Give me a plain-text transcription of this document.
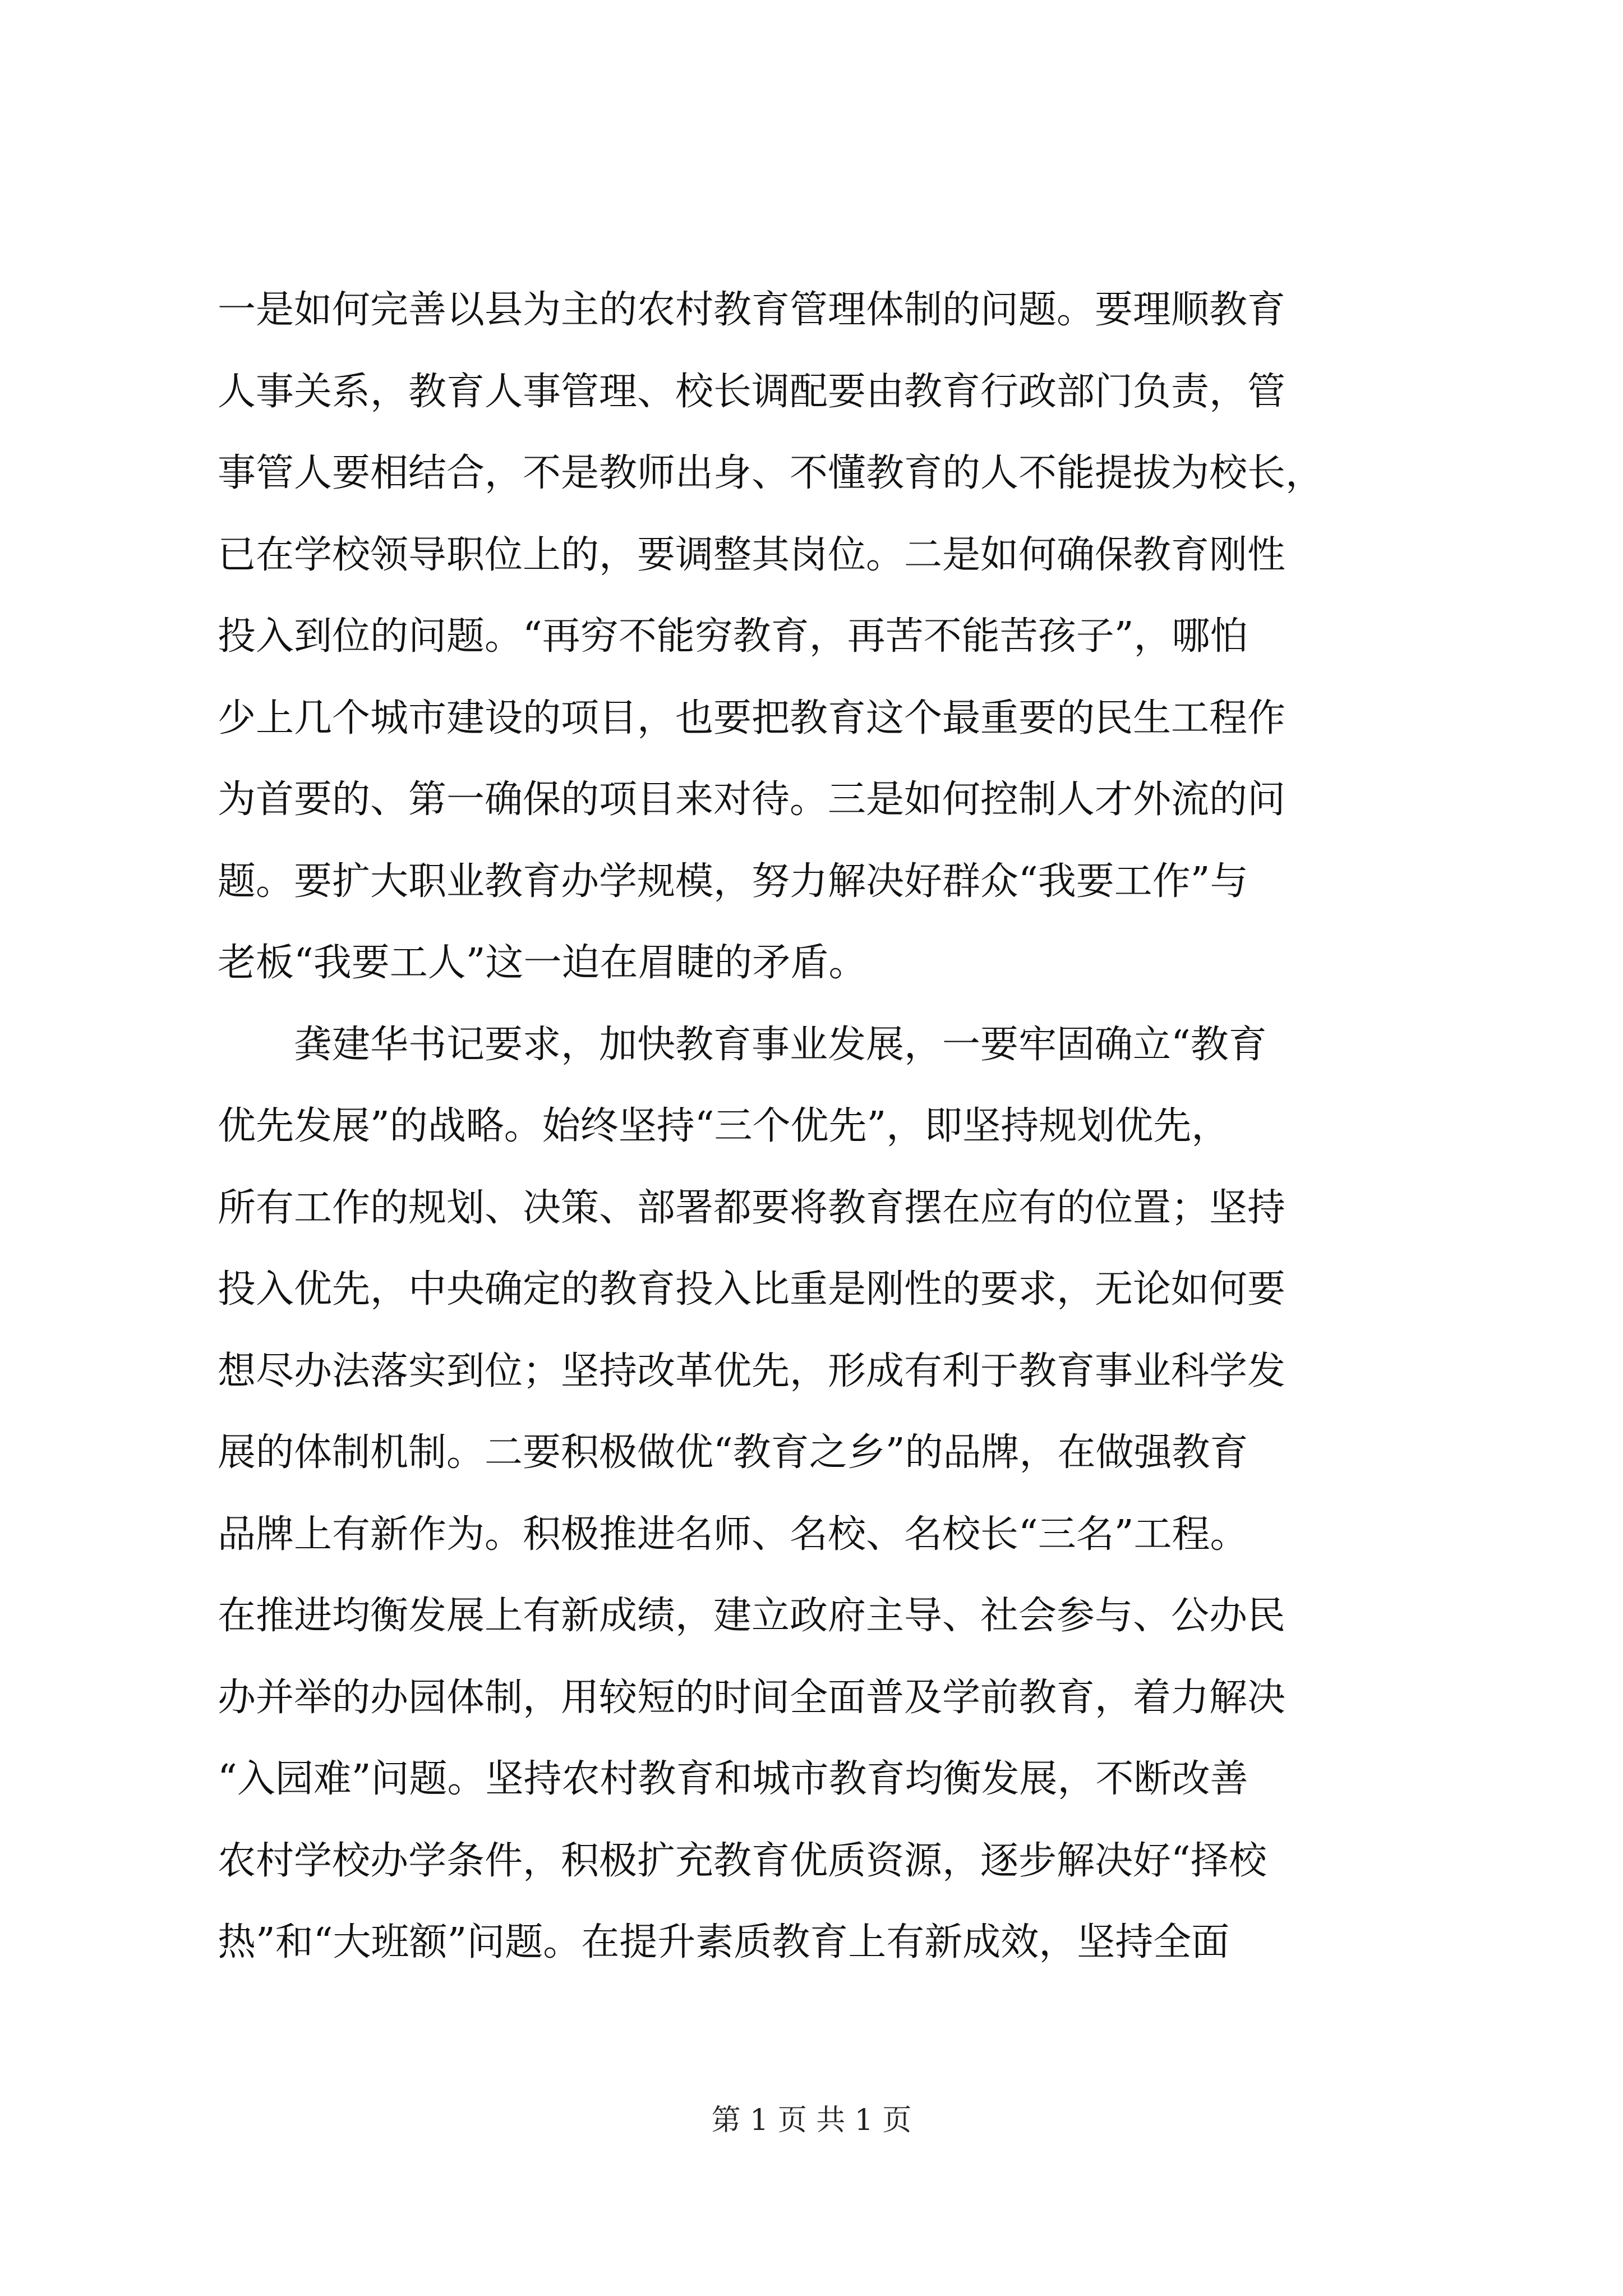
一是如何完善以县为主的农村教育管理体制的问题。要理顺教育
人事关系，教育人事管理、校长调配要由教育行政部门负责，管
事管人要相结合，不是教师出身、不懂教育的人不能提拔为校长，
已在学校领导职位上的，要调整其岗位。二是如何确保教育刚性
投入到位的问题。“再穷不能穷教育，再苦不能苦孩子”，哪怕
少上几个城市建设的项目，也要把教育这个最重要的民生工程作
为首要的、第一确保的项目来对待。三是如何控制人才外流的问
题。要扩大职业教育办学规模，努力解决好群众“我要工作”与
老板“我要工人”这一迫在眉睫的矛盾。
　　龚建华书记要求，加快教育事业发展，一要牢固确立“教育
优先发展”的战略。始终坚持“三个优先”，即坚持规划优先，
所有工作的规划、决策、部署都要将教育摆在应有的位置；坚持
投入优先，中央确定的教育投入比重是刚性的要求，无论如何要
想尽办法落实到位；坚持改革优先，形成有利于教育事业科学发
展的体制机制。二要积极做优“教育之乡”的品牌，在做强教育
品牌上有新作为。积极推进名师、名校、名校长“三名”工程。
在推进均衡发展上有新成绩，建立政府主导、社会参与、公办民
办并举的办园体制，用较短的时间全面普及学前教育，着力解决
“入园难”问题。坚持农村教育和城市教育均衡发展，不断改善
农村学校办学条件，积极扩充教育优质资源，逐步解决好“择校
热”和“大班额”问题。在提升素质教育上有新成效，坚持全面
第 1 页 共 1 页
